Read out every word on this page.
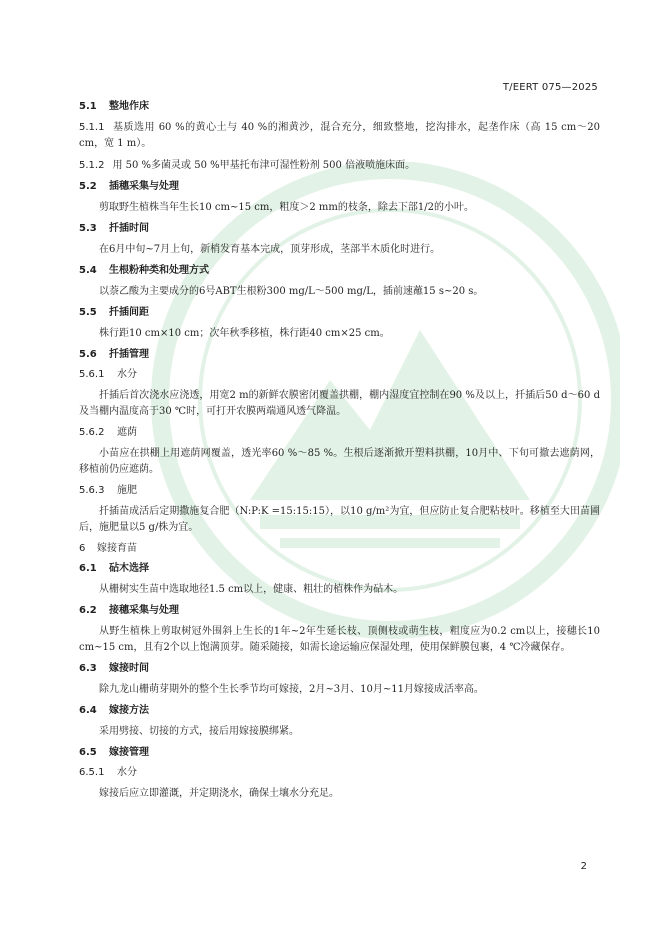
T/EERT 075—2025
5.1	整地作床
5.1.1 基质选用 60 %的黄心土与 40 %的湘黄沙，混合充分，细致整地，挖沟排水，起垄作床（高 15 cm～20 cm，宽 1 m）。
5.1.2 用 50 %多菌灵或 50 %甲基托布津可湿性粉剂 500 倍液喷施床面。
5.2	插穗采集与处理
剪取野生植株当年生长10 cm~15 cm，粗度＞2 mm的枝条，除去下部1/2的小叶。
5.3	扦插时间
在6月中旬~7月上旬，新梢发育基本完成，顶芽形成，茎部半木质化时进行。
5.4	生根粉种类和处理方式
以萘乙酸为主要成分的6号ABT生根粉300 mg/L～500 mg/L，插前速蘸15 s~20 s。
5.5	扦插间距
株行距10 cm×10 cm；次年秋季移植，株行距40 cm×25 cm。
5.6	扦插管理
5.6.1	水分
扦插后首次浇水应浇透，用宽2 m的新鲜农膜密闭覆盖拱棚，棚内湿度宜控制在90 %及以上，扦插后50 d～60 d及当棚内温度高于30 ℃时，可打开农膜两端通风透气降温。
5.6.2	遮荫
小苗应在拱棚上用遮荫网覆盖，透光率60 %～85 %。生根后逐渐掀开塑料拱棚，10月中、下旬可撤去遮荫网，移植前仍应遮荫。
5.6.3	施肥
扦插苗成活后定期撒施复合肥（N:P:K =15:15:15），以10 g/m²为宜，但应防止复合肥粘枝叶。移植至大田苗圃后，施肥量以5 g/株为宜。
6	嫁接育苗
6.1	砧木选择
从栅树实生苗中选取地径1.5 cm以上，健康、粗壮的植株作为砧木。
6.2	接穗采集与处理
从野生植株上剪取树冠外围斜上生长的1年~2年生延长枝、顶侧枝或萌生枝，粗度应为0.2 cm以上，接穗长10 cm~15 cm，且有2个以上饱满顶芽。随采随接，如需长途运输应保湿处理，使用保鲜膜包裹，4 ℃冷藏保存。
6.3	嫁接时间
除九龙山栅萌芽期外的整个生长季节均可嫁接，2月~3月、10月~11月嫁接成活率高。
6.4	嫁接方法
采用劈接、切接的方式，接后用嫁接膜绑紧。
6.5	嫁接管理
6.5.1	水分
嫁接后应立即灌溉，并定期浇水，确保土壤水分充足。
2
